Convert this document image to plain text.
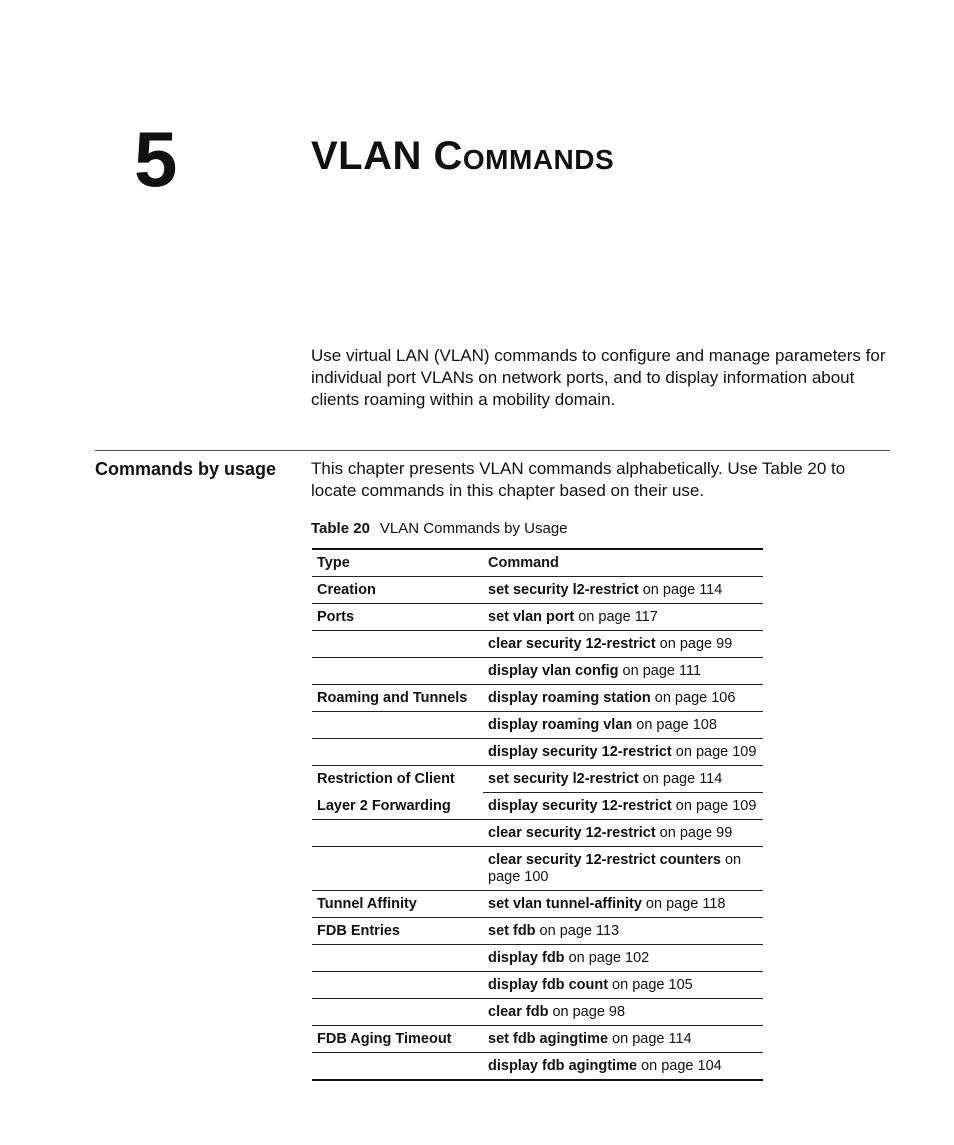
5	VLAN Commands

Use virtual LAN (VLAN) commands to configure and manage parameters for individual port VLANs on network ports, and to display information about clients roaming within a mobility domain.

Commands by usage	This chapter presents VLAN commands alphabetically. Use Table 20 to locate commands in this chapter based on their use.

Table 20 VLAN Commands by Usage
Type	Command
Creation	set security l2-restrict on page 114
Ports	set vlan port on page 117
	clear security 12-restrict on page 99
	display vlan config on page 111
Roaming and Tunnels	display roaming station on page 106
	display roaming vlan on page 108
	display security 12-restrict on page 109
Restriction of Client	set security l2-restrict on page 114
Layer 2 Forwarding	display security 12-restrict on page 109
	clear security 12-restrict on page 99
	clear security 12-restrict counters on page 100
Tunnel Affinity	set vlan tunnel-affinity on page 118
FDB Entries	set fdb on page 113
	display fdb on page 102
	display fdb count on page 105
	clear fdb on page 98
FDB Aging Timeout	set fdb agingtime on page 114
	display fdb agingtime on page 104
